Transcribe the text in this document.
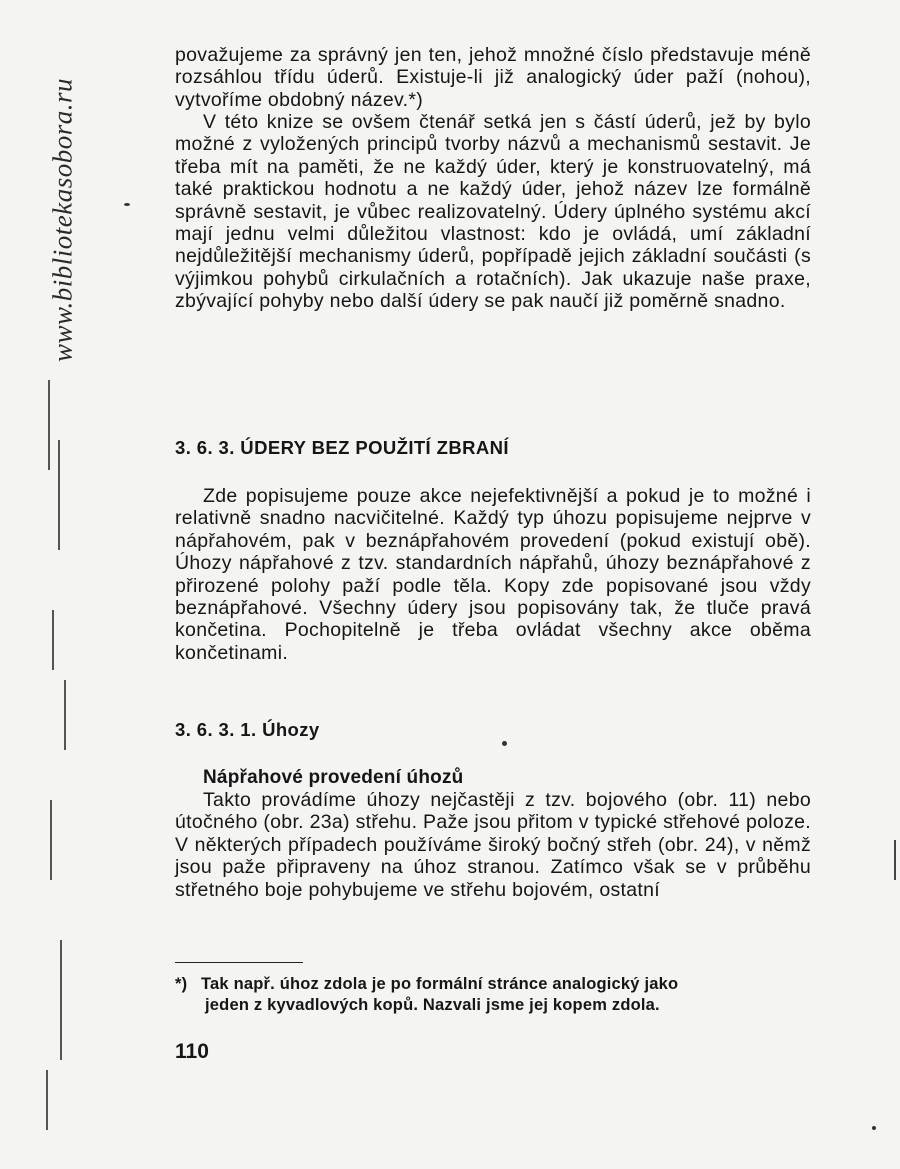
www.bibliotekasobora.ru

považujeme za správný jen ten, jehož množné číslo představuje méně rozsáhlou třídu úderů. Existuje-li již analogický úder paží (nohou), vytvoříme obdobný název.*)

V této knize se ovšem čtenář setká jen s částí úderů, jež by bylo možné z vyložených principů tvorby názvů a mechanismů sestavit. Je třeba mít na paměti, že ne každý úder, který je konstruovatelný, má také praktickou hodnotu a ne každý úder, jehož název lze formálně správně sestavit, je vůbec realizovatelný. Údery úplného systému akcí mají jednu velmi důležitou vlastnost: kdo je ovládá, umí základní nejdůležitější mechanismy úderů, popřípadě jejich základní součásti (s výjimkou pohybů cirkulačních a rotačních). Jak ukazuje naše praxe, zbývající pohyby nebo další údery se pak naučí již poměrně snadno.

3. 6. 3. ÚDERY BEZ POUŽITÍ ZBRANÍ

Zde popisujeme pouze akce nejefektivnější a pokud je to možné i relativně snadno nacvičitelné. Každý typ úhozu popisujeme nejprve v nápřahovém, pak v beznápřahovém provedení (pokud existují obě). Úhozy nápřahové z tzv. standardních nápřahů, úhozy beznápřahové z přirozené polohy paží podle těla. Kopy zde popisované jsou vždy beznápřahové. Všechny údery jsou popisovány tak, že tluče pravá končetina. Pochopitelně je třeba ovládat všechny akce oběma končetinami.

3. 6. 3. 1. Úhozy
Nápřahové provedení úhozů

Takto provádíme úhozy nejčastěji z tzv. bojového (obr. 11) nebo útočného (obr. 23a) střehu. Paže jsou přitom v typické střehové poloze. V některých případech používáme široký bočný střeh (obr. 24), v němž jsou paže připraveny na úhoz stranou. Zatímco však se v průběhu střetného boje pohybujeme ve střehu bojovém, ostatní

*) Tak např. úhoz zdola je po formální stránce analogický jako
jeden z kyvadlových kopů. Nazvali jsme jej kopem zdola.
110
